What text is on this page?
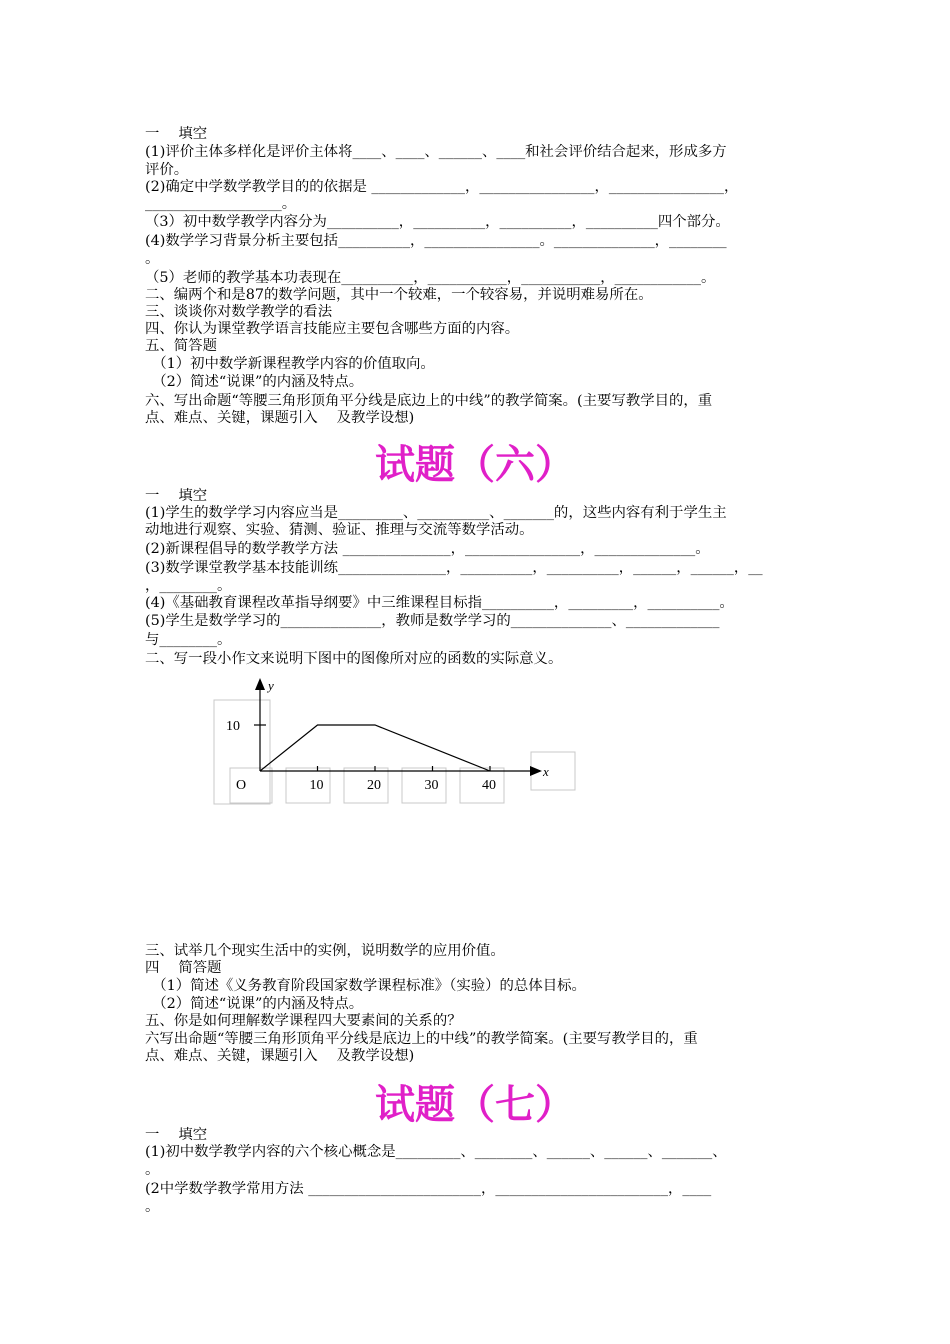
一　 填空
(1)评价主体多样化是评价主体将____、____、______、____和社会评价结合起来，形成多方
评价。
(2)确定中学数学教学目的的依据是 _____________，________________，________________，
___________________。
（3）初中数学教学内容分为__________，__________，__________，__________四个部分。
(4)数学学习背景分析主要包括__________，________________。______________，________
。
（5）老师的教学基本功表现在__________，___________，___________，____________。
二、编两个和是87的数学问题，其中一个较难，一个较容易，并说明难易所在。
三、谈谈你对数学教学的看法
四、你认为课堂教学语言技能应主要包含哪些方面的内容。
五、简答题
　（1）初中数学新课程教学内容的价值取向。
　（2）简述“说课”的内涵及特点。
六、写出命题“等腰三角形顶角平分线是底边上的中线”的教学简案。(主要写教学目的，重
点、难点、关键，课题引入　 及教学设想)
试题（六）
一　 填空
(1)学生的数学学习内容应当是_________、__________、_______的，这些内容有利于学生主
动地进行观察、实验、猜测、验证、推理与交流等数学活动。
(2)新课程倡导的数学教学方法 _______________，________________，______________。
(3)数学课堂教学基本技能训练_______________，__________，__________，______，______，__
，________。
(4)《基础教育课程改革指导纲要》中三维课程目标指__________，_________，__________。
(5)学生是数学学习的______________，教师是数学学习的______________、_____________
与________。
二、写一段小作文来说明下图中的图像所对应的函数的实际意义。
y
x
O	10	20	30	40
10
三、试举几个现实生活中的实例，说明数学的应用价值。
四　 简答题
　（1）简述《义务教育阶段国家数学课程标准》（实验）的总体目标。
　（2）简述“说课”的内涵及特点。
五、你是如何理解数学课程四大要素间的关系的？
六写出命题“等腰三角形顶角平分线是底边上的中线”的教学简案。(主要写教学目的，重
点、难点、关键，课题引入　 及教学设想)
试题（七）
一　 填空
(1)初中数学教学内容的六个核心概念是_________、________、______、______、_______、
。
(2中学数学教学常用方法 ________________________，________________________，____
。
